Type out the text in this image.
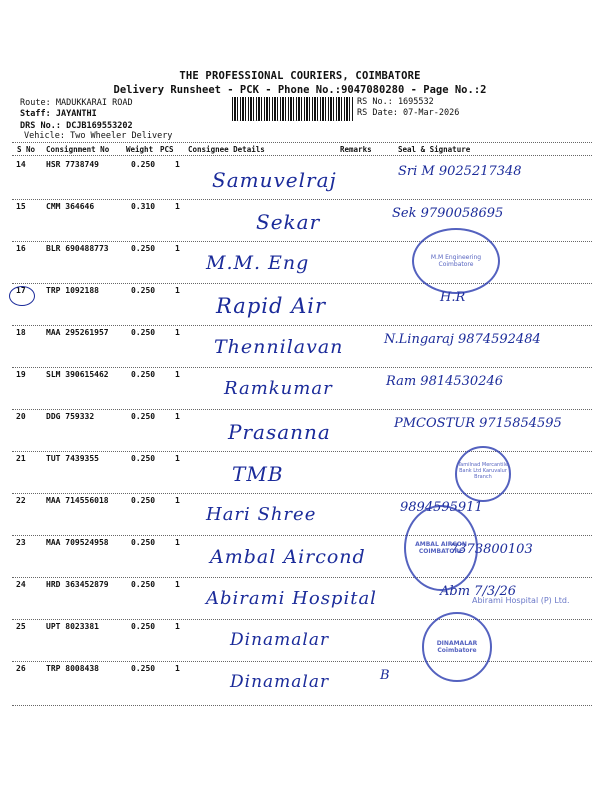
THE PROFESSIONAL COURIERS, COIMBATORE
Delivery Runsheet - PCK - Phone No.:9047080280 - Page No.:2
Route: MADUKKARAI ROAD
Staff: JAYANTHI
DRS No.: DCJB169553202
Vehicle: Two Wheeler Delivery
RS No.: 1695532
RS Date: 07-Mar-2026
S No Consignment No Weight PCS Consignee Details	Remarks	Seal & Signature
14	HSR 7738749	0.250 1
Samuvelraj	Sri M 9025217348
15	CMM 364646	0.310 1
Sekar	Sek 9790058695
16	BLR 690488773	0.250 1
M.M. Eng
17	TRP 1092188	0.250 1
Rapid Air	H.R
18	MAA 295261957	0.250 1
Thennilavan	N.Lingaraj 9874592484
19	SLM 390615462	0.250 1
Ramkumar	Ram 9814530246
20	DDG 759332	0.250 1
Prasanna	PMCOSTUR 9715854595
21	TUT 7439355	0.250 1
TMB
22	MAA 714556018	0.250 1
Hari Shree	9894595911
23	MAA 709524958	0.250 1
Ambal Aircond	7373800103
24	HRD 363452879	0.250 1
Abirami Hospital	Abm 7/3/26
25	UPT 8023381	0.250 1
Dinamalar
26	TRP 8008438	0.250 1
Dinamalar	B
M.M Engineering Coimbatore
Tamilnad Mercantile Bank Ltd Karuvalur Branch
AMBAL AIRCON COIMBATORE
Abirami Hospital (P) Ltd.
DINAMALAR Coimbatore
